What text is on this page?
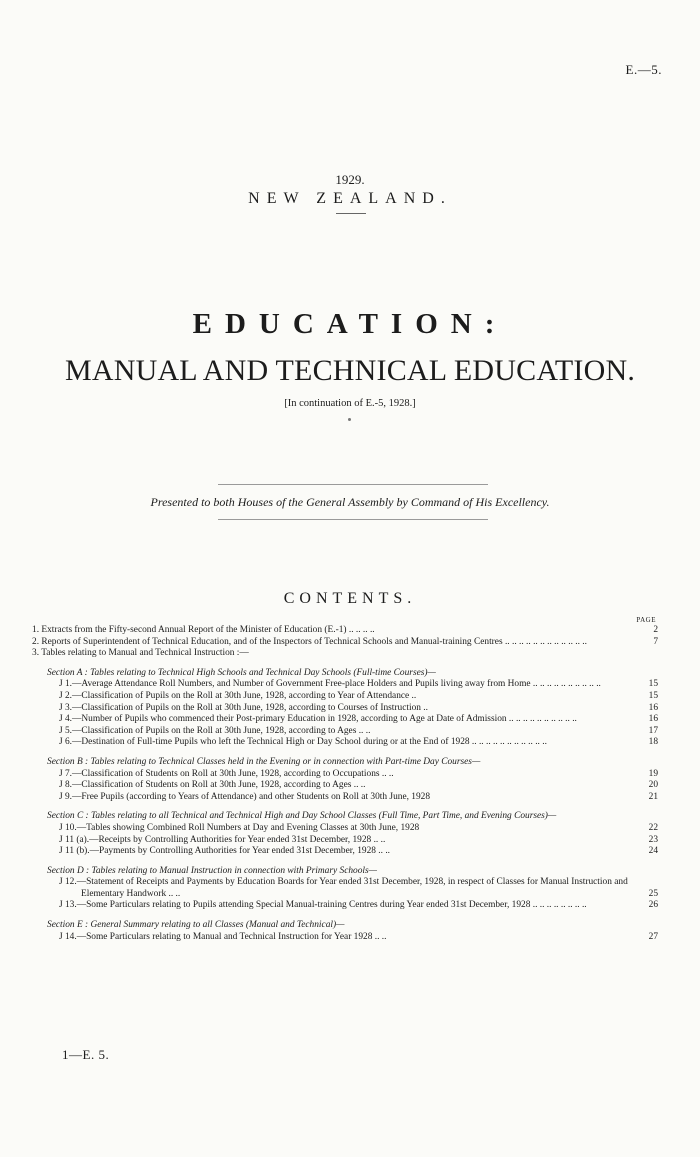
E.—5.
1929.
NEW ZEALAND.
EDUCATION:
MANUAL AND TECHNICAL EDUCATION.
[In continuation of E.-5, 1928.]
Presented to both Houses of the General Assembly by Command of His Excellency.
CONTENTS.
PAGE
1. Extracts from the Fifty-second Annual Report of the Minister of Education (E.-1) .. .. .. ..	2
2. Reports of Superintendent of Technical Education, and of the Inspectors of Technical Schools and Manual-training Centres .. .. .. .. .. .. .. .. .. .. .. ..	7
3. Tables relating to Manual and Technical Instruction :—
Section A : Tables relating to Technical High Schools and Technical Day Schools (Full-time Courses)—
J 1.—Average Attendance Roll Numbers, and Number of Government Free-place Holders and Pupils living away from Home .. .. .. .. .. .. .. .. .. ..	15
J 2.—Classification of Pupils on the Roll at 30th June, 1928, according to Year of Attendance ..	15
J 3.—Classification of Pupils on the Roll at 30th June, 1928, according to Courses of Instruction ..	16
J 4.—Number of Pupils who commenced their Post-primary Education in 1928, according to Age at Date of Admission .. .. .. .. .. .. .. .. .. ..	16
J 5.—Classification of Pupils on the Roll at 30th June, 1928, according to Ages .. ..	17
J 6.—Destination of Full-time Pupils who left the Technical High or Day School during or at the End of 1928 .. .. .. .. .. .. .. .. .. .. ..	18
Section B : Tables relating to Technical Classes held in the Evening or in connection with Part-time Day Courses—
J 7.—Classification of Students on Roll at 30th June, 1928, according to Occupations .. ..	19
J 8.—Classification of Students on Roll at 30th June, 1928, according to Ages .. ..	20
J 9.—Free Pupils (according to Years of Attendance) and other Students on Roll at 30th June, 1928	21
Section C : Tables relating to all Technical and Technical High and Day School Classes (Full Time, Part Time, and Evening Courses)—
J 10.—Tables showing Combined Roll Numbers at Day and Evening Classes at 30th June, 1928	22
J 11 (a).—Receipts by Controlling Authorities for Year ended 31st December, 1928 .. ..	23
J 11 (b).—Payments by Controlling Authorities for Year ended 31st December, 1928 .. ..	24
Section D : Tables relating to Manual Instruction in connection with Primary Schools—
J 12.—Statement of Receipts and Payments by Education Boards for Year ended 31st December, 1928, in respect of Classes for Manual Instruction and Elementary Handwork .. ..	25
J 13.—Some Particulars relating to Pupils attending Special Manual-training Centres during Year ended 31st December, 1928 .. .. .. .. .. .. .. ..	26
Section E : General Summary relating to all Classes (Manual and Technical)—
J 14.—Some Particulars relating to Manual and Technical Instruction for Year 1928 .. ..	27
1—E. 5.
